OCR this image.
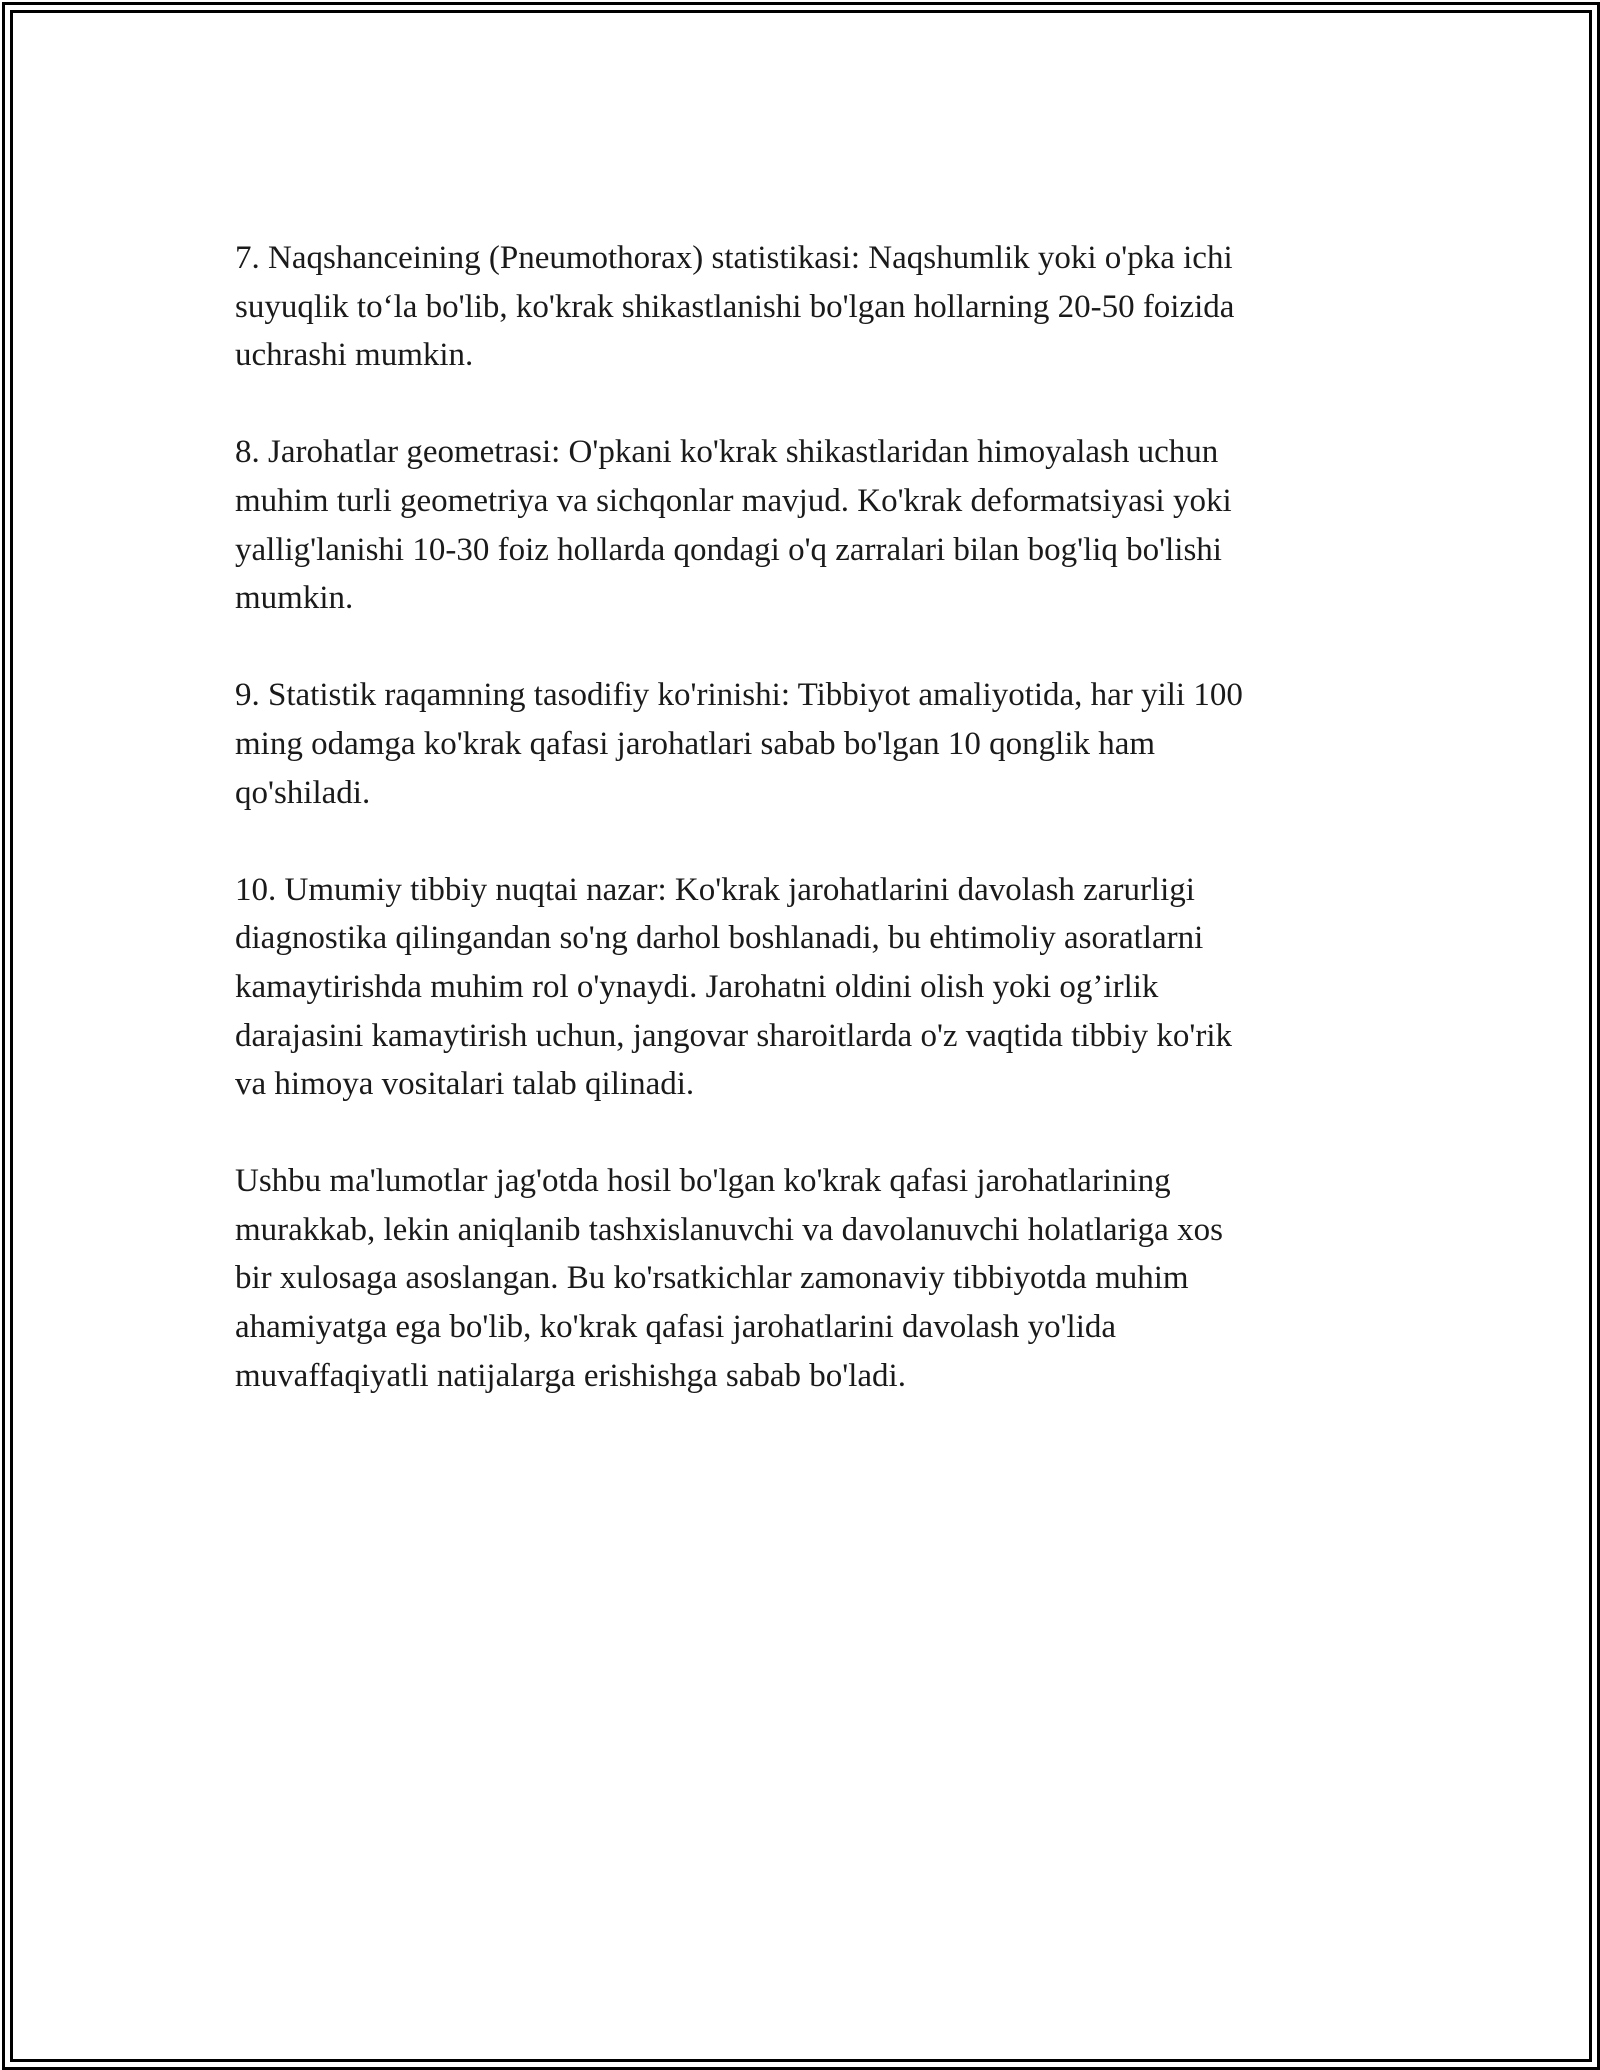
7. Naqshanceining (Pneumothorax) statistikasi: Naqshumlik yoki o'pka ichi
suyuqlik to‘la bo'lib, ko'krak shikastlanishi bo'lgan hollarning 20-50 foizida
uchrashi mumkin.

8. Jarohatlar geometrasi: O'pkani ko'krak shikastlaridan himoyalash uchun
muhim turli geometriya va sichqonlar mavjud. Ko'krak deformatsiyasi yoki
yallig'lanishi 10-30 foiz hollarda qondagi o'q zarralari bilan bog'liq bo'lishi
mumkin.

9. Statistik raqamning tasodifiy ko'rinishi: Tibbiyot amaliyotida, har yili 100
ming odamga ko'krak qafasi jarohatlari sabab bo'lgan 10 qonglik ham
qo'shiladi.

10. Umumiy tibbiy nuqtai nazar: Ko'krak jarohatlarini davolash zarurligi
diagnostika qilingandan so'ng darhol boshlanadi, bu ehtimoliy asoratlarni
kamaytirishda muhim rol o'ynaydi. Jarohatni oldini olish yoki og’irlik
darajasini kamaytirish uchun, jangovar sharoitlarda o'z vaqtida tibbiy ko'rik
va himoya vositalari talab qilinadi.

Ushbu ma'lumotlar jag'otda hosil bo'lgan ko'krak qafasi jarohatlarining
murakkab, lekin aniqlanib tashxislanuvchi va davolanuvchi holatlariga xos
bir xulosaga asoslangan. Bu ko'rsatkichlar zamonaviy tibbiyotda muhim
ahamiyatga ega bo'lib, ko'krak qafasi jarohatlarini davolash yo'lida
muvaffaqiyatli natijalarga erishishga sabab bo'ladi.
